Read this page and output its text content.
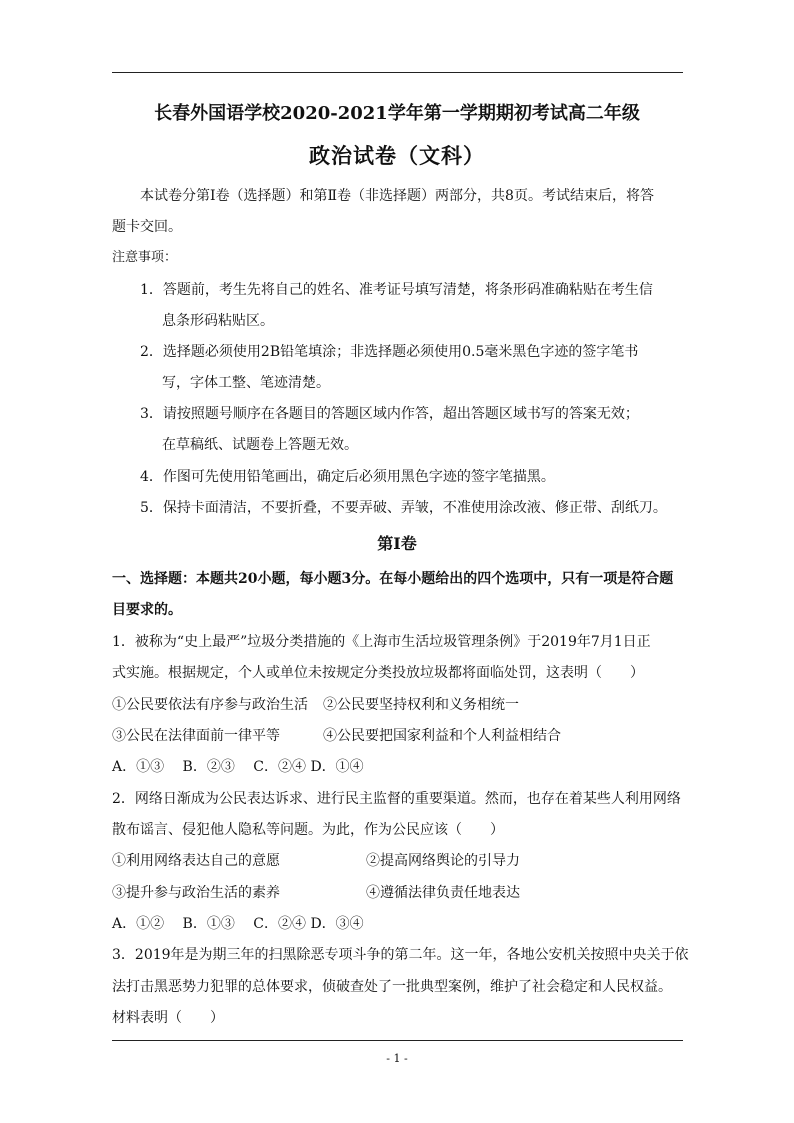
长春外国语学校2020-2021学年第一学期期初考试高二年级
政治试卷（文科）
本试卷分第Ⅰ卷（选择题）和第Ⅱ卷（非选择题）两部分，共8页。考试结束后，将答
题卡交回。
注意事项：
1．答题前，考生先将自己的姓名、准考证号填写清楚，将条形码准确粘贴在考生信
息条形码粘贴区。
2．选择题必须使用2B铅笔填涂；非选择题必须使用0.5毫米黑色字迹的签字笔书
写，字体工整、笔迹清楚。
3．请按照题号顺序在各题目的答题区域内作答，超出答题区域书写的答案无效；
在草稿纸、试题卷上答题无效。
4．作图可先使用铅笔画出，确定后必须用黑色字迹的签字笔描黑。
5．保持卡面清洁，不要折叠，不要弄破、弄皱，不准使用涂改液、修正带、刮纸刀。
第Ⅰ卷
一、选择题：本题共20小题，每小题3分。在每小题给出的四个选项中，只有一项是符合题
目要求的。
1．被称为“史上最严”垃圾分类措施的《上海市生活垃圾管理条例》于2019年7月1日正
式实施。根据规定，个人或单位未按规定分类投放垃圾都将面临处罚，这表明（　　）
①公民要依法有序参与政治生活 ②公民要坚持权利和义务相统一
③公民在法律面前一律平等	④公民要把国家利益和个人利益相结合
A．①③　 B．②③　 C．②④ D．①④
2．网络日渐成为公民表达诉求、进行民主监督的重要渠道。然而，也存在着某些人利用网络
散布谣言、侵犯他人隐私等问题。为此，作为公民应该（　　）
①利用网络表达自己的意愿	②提高网络舆论的引导力
③提升参与政治生活的素养	④遵循法律负责任地表达
A．①②　 B．①③　 C．②④ D．③④
3．2019年是为期三年的扫黑除恶专项斗争的第二年。这一年，各地公安机关按照中央关于依
法打击黑恶势力犯罪的总体要求，侦破查处了一批典型案例，维护了社会稳定和人民权益。
材料表明（　　）
- 1 -
